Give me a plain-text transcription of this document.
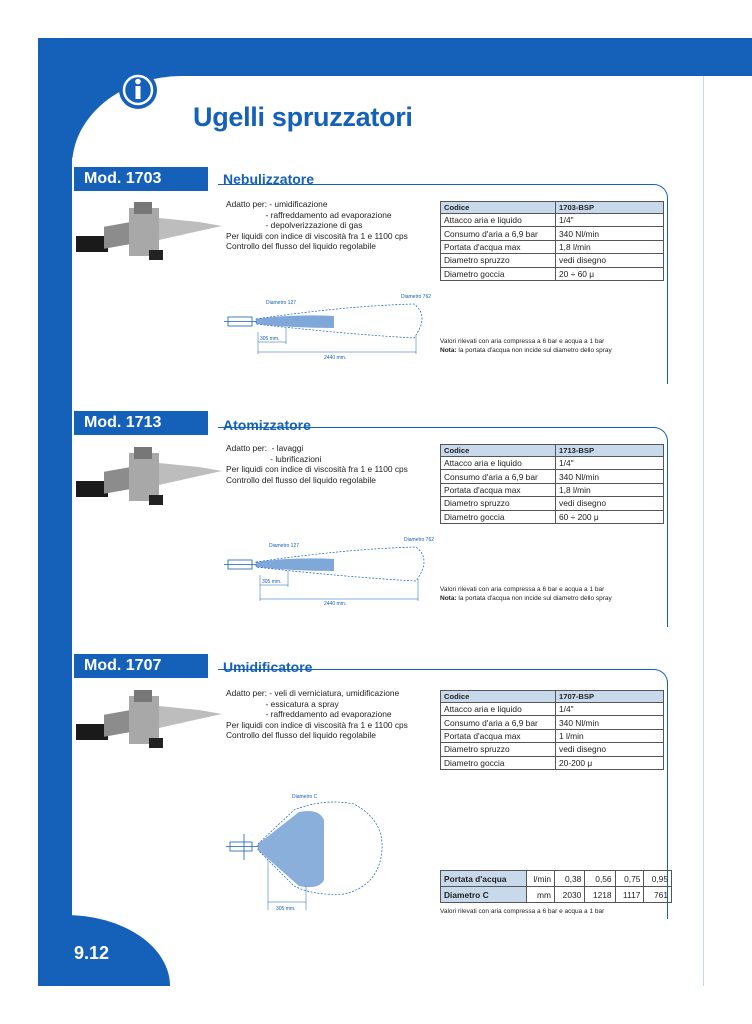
Ugelli spruzzatori
Mod. 1703	Nebulizzatore
Adatto per: - umidificazione
- raffreddamento ad evaporazione
- depolverizzazione di gas
Per liquidi con indice di viscosità fra 1 e 1100 cps
Controllo del flusso del liquido regolabile
Codice	1703-BSP
Attacco aria e liquido	1/4"
Consumo d'aria a 6,9 bar	340 Nl/min
Portata d'acqua max	1,8 l/min
Diametro spruzzo	vedi disegno
Diametro goccia	20 ÷ 60 μ
Diametro 127
Diametro 762
305 mm.
2440 mm.
Valori rilevati con aria compressa a 6 bar e acqua a 1 bar
Nota: la portata d'acqua non incide sul diametro dello spray
Mod. 1713	Atomizzatore
Adatto per:  - lavaggi
- lubrificazioni
Per liquidi con indice di viscosità fra 1 e 1100 cps
Controllo del flusso del liquido regolabile
Codice	1713-BSP
Attacco aria e liquido	1/4"
Consumo d'aria a 6,9 bar	340 Nl/min
Portata d'acqua max	1,8 l/min
Diametro spruzzo	vedi disegno
Diametro goccia	60 ÷ 200 μ
Diametro 127
Diametro 762
305 mm.
2440 mm.
Valori rilevati con aria compressa a 6 bar e acqua a 1 bar
Nota: la portata d'acqua non incide sul diametro dello spray
Mod. 1707	Umidificatore
Adatto per: - veli di verniciatura, umidificazione
- essicatura a spray
- raffreddamento ad evaporazione
Per liquidi con indice di viscosità fra 1 e 1100 cps
Controllo del flusso del liquido regolabile
Codice	1707-BSP
Attacco aria e liquido	1/4"
Consumo d'aria a 6,9 bar	340 Nl/min
Portata d'acqua max	1 l/min
Diametro spruzzo	vedi disegno
Diametro goccia	20-200 μ
Diametro C
305 mm.
Portata d'acqua	l/min	0,38	0,56	0,75	0,95
Diametro C	mm	2030	1218	1117	761
Valori rilevati con aria compressa a 6 bar e acqua a 1 bar
9.12
